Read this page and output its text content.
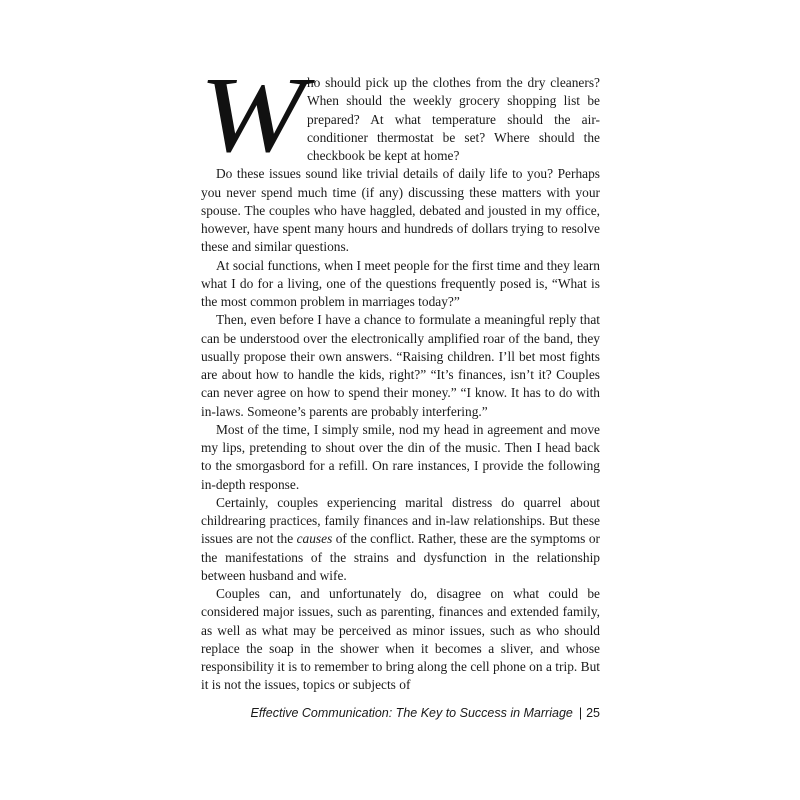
Who should pick up the clothes from the dry cleaners? When should the weekly grocery shopping list be prepared? At what temperature should the air-conditioner thermostat be set? Where should the checkbook be kept at home?

Do these issues sound like trivial details of daily life to you? Perhaps you never spend much time (if any) discussing these matters with your spouse. The couples who have haggled, debated and jousted in my office, however, have spent many hours and hundreds of dollars trying to resolve these and similar questions.

At social functions, when I meet people for the first time and they learn what I do for a living, one of the questions frequently posed is, “What is the most common problem in marriages today?”

Then, even before I have a chance to formulate a meaningful reply that can be understood over the electronically amplified roar of the band, they usually propose their own answers. “Raising children. I’ll bet most fights are about how to handle the kids, right?” “It’s finances, isn’t it? Couples can never agree on how to spend their money.” “I know. It has to do with in-laws. Someone’s parents are probably interfering.”

Most of the time, I simply smile, nod my head in agreement and move my lips, pretending to shout over the din of the music. Then I head back to the smorgasbord for a refill. On rare instances, I provide the following in-depth response.

Certainly, couples experiencing marital distress do quarrel about childrearing practices, family finances and in-law relationships. But these issues are not the causes of the conflict. Rather, these are the symptoms or the manifestations of the strains and dysfunction in the relationship between husband and wife.

Couples can, and unfortunately do, disagree on what could be considered major issues, such as parenting, finances and extended family, as well as what may be perceived as minor issues, such as who should replace the soap in the shower when it becomes a sliver, and whose responsibility it is to remember to bring along the cell phone on a trip. But it is not the issues, topics or subjects of

Effective Communication: The Key to Success in Marriage | 25
